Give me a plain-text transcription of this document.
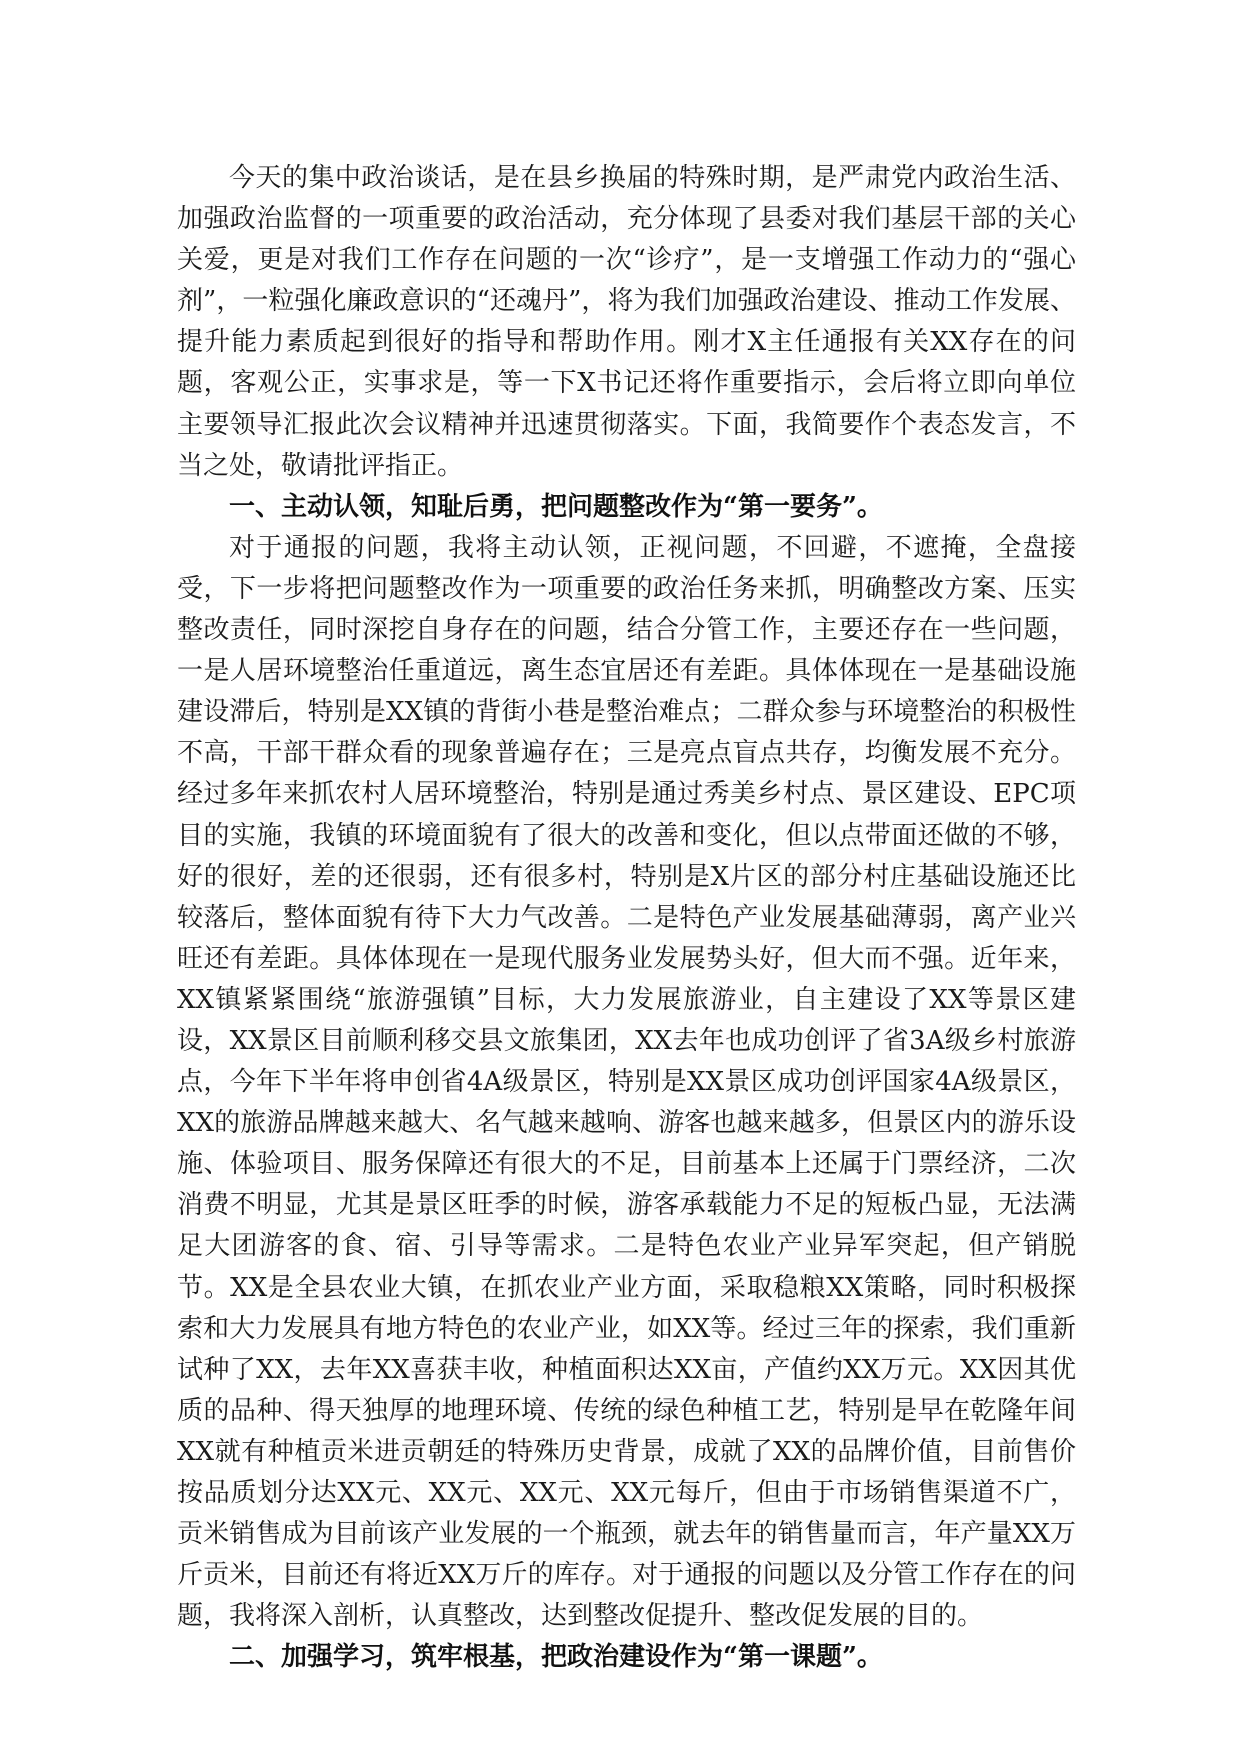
今天的集中政治谈话，是在县乡换届的特殊时期，是严肃党内政治生活、加强政治监督的一项重要的政治活动，充分体现了县委对我们基层干部的关心关爱，更是对我们工作存在问题的一次“诊疗”，是一支增强工作动力的“强心剂”，一粒强化廉政意识的“还魂丹”，将为我们加强政治建设、推动工作发展、提升能力素质起到很好的指导和帮助作用。刚才X主任通报有关XX存在的问题，客观公正，实事求是，等一下X书记还将作重要指示，会后将立即向单位主要领导汇报此次会议精神并迅速贯彻落实。下面，我简要作个表态发言，不当之处，敬请批评指正。

一、主动认领，知耻后勇，把问题整改作为“第一要务”。

对于通报的问题，我将主动认领，正视问题，不回避，不遮掩，全盘接受，下一步将把问题整改作为一项重要的政治任务来抓，明确整改方案、压实整改责任，同时深挖自身存在的问题，结合分管工作，主要还存在一些问题，一是人居环境整治任重道远，离生态宜居还有差距。具体体现在一是基础设施建设滞后，特别是XX镇的背街小巷是整治难点；二群众参与环境整治的积极性不高，干部干群众看的现象普遍存在；三是亮点盲点共存，均衡发展不充分。经过多年来抓农村人居环境整治，特别是通过秀美乡村点、景区建设、EPC项目的实施，我镇的环境面貌有了很大的改善和变化，但以点带面还做的不够，好的很好，差的还很弱，还有很多村，特别是X片区的部分村庄基础设施还比较落后，整体面貌有待下大力气改善。二是特色产业发展基础薄弱，离产业兴旺还有差距。具体体现在一是现代服务业发展势头好，但大而不强。近年来，XX镇紧紧围绕“旅游强镇”目标，大力发展旅游业，自主建设了XX等景区建设，XX景区目前顺利移交县文旅集团，XX去年也成功创评了省3A级乡村旅游点，今年下半年将申创省4A级景区，特别是XX景区成功创评国家4A级景区，XX的旅游品牌越来越大、名气越来越响、游客也越来越多，但景区内的游乐设施、体验项目、服务保障还有很大的不足，目前基本上还属于门票经济，二次消费不明显，尤其是景区旺季的时候，游客承载能力不足的短板凸显，无法满足大团游客的食、宿、引导等需求。二是特色农业产业异军突起，但产销脱节。XX是全县农业大镇，在抓农业产业方面，采取稳粮XX策略，同时积极探索和大力发展具有地方特色的农业产业，如XX等。经过三年的探索，我们重新试种了XX，去年XX喜获丰收，种植面积达XX亩，产值约XX万元。XX因其优质的品种、得天独厚的地理环境、传统的绿色种植工艺，特别是早在乾隆年间XX就有种植贡米进贡朝廷的特殊历史背景，成就了XX的品牌价值，目前售价按品质划分达XX元、XX元、XX元、XX元每斤，但由于市场销售渠道不广，贡米销售成为目前该产业发展的一个瓶颈，就去年的销售量而言，年产量XX万斤贡米，目前还有将近XX万斤的库存。对于通报的问题以及分管工作存在的问题，我将深入剖析，认真整改，达到整改促提升、整改促发展的目的。

二、加强学习，筑牢根基，把政治建设作为“第一课题”。
